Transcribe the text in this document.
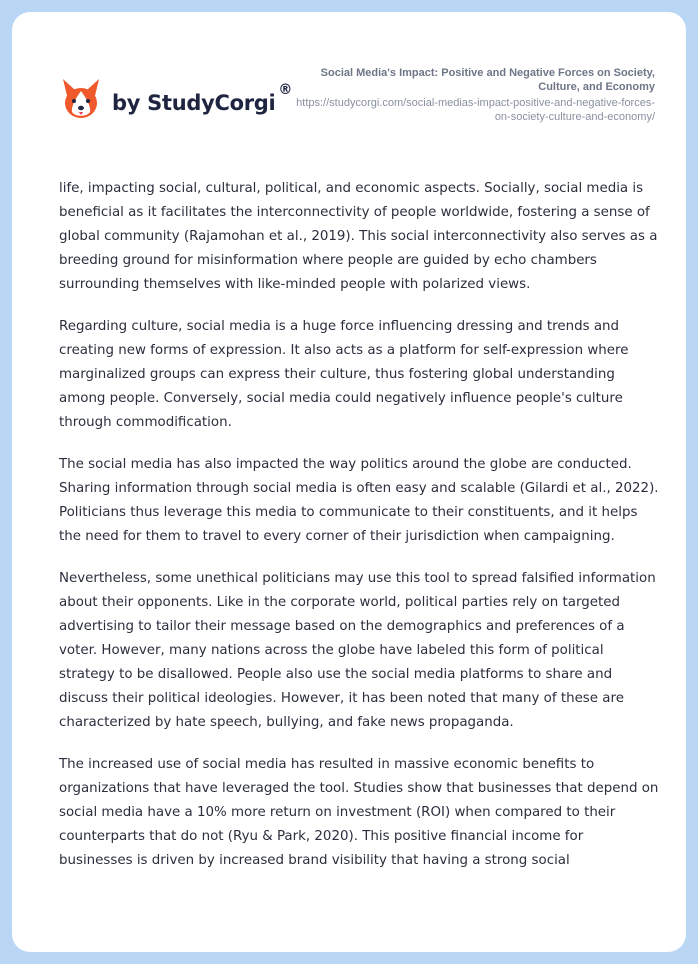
by StudyCorgi
®
Social Media's Impact: Positive and Negative Forces on Society, Culture, and Economy
https://studycorgi.com/social-medias-impact-positive-and-negative-forces-on-society-culture-and-economy/

life, impacting social, cultural, political, and economic aspects. Socially, social media is beneficial as it facilitates the interconnectivity of people worldwide, fostering a sense of global community (Rajamohan et al., 2019). This social interconnectivity also serves as a breeding ground for misinformation where people are guided by echo chambers surrounding themselves with like-minded people with polarized views.

Regarding culture, social media is a huge force influencing dressing and trends and creating new forms of expression. It also acts as a platform for self-expression where marginalized groups can express their culture, thus fostering global understanding among people. Conversely, social media could negatively influence people's culture through commodification.

The social media has also impacted the way politics around the globe are conducted. Sharing information through social media is often easy and scalable (Gilardi et al., 2022). Politicians thus leverage this media to communicate to their constituents, and it helps the need for them to travel to every corner of their jurisdiction when campaigning.

Nevertheless, some unethical politicians may use this tool to spread falsified information about their opponents. Like in the corporate world, political parties rely on targeted advertising to tailor their message based on the demographics and preferences of a voter. However, many nations across the globe have labeled this form of political strategy to be disallowed. People also use the social media platforms to share and discuss their political ideologies. However, it has been noted that many of these are characterized by hate speech, bullying, and fake news propaganda.

The increased use of social media has resulted in massive economic benefits to organizations that have leveraged the tool. Studies show that businesses that depend on social media have a 10% more return on investment (ROI) when compared to their counterparts that do not (Ryu & Park, 2020). This positive financial income for businesses is driven by increased brand visibility that having a strong social
